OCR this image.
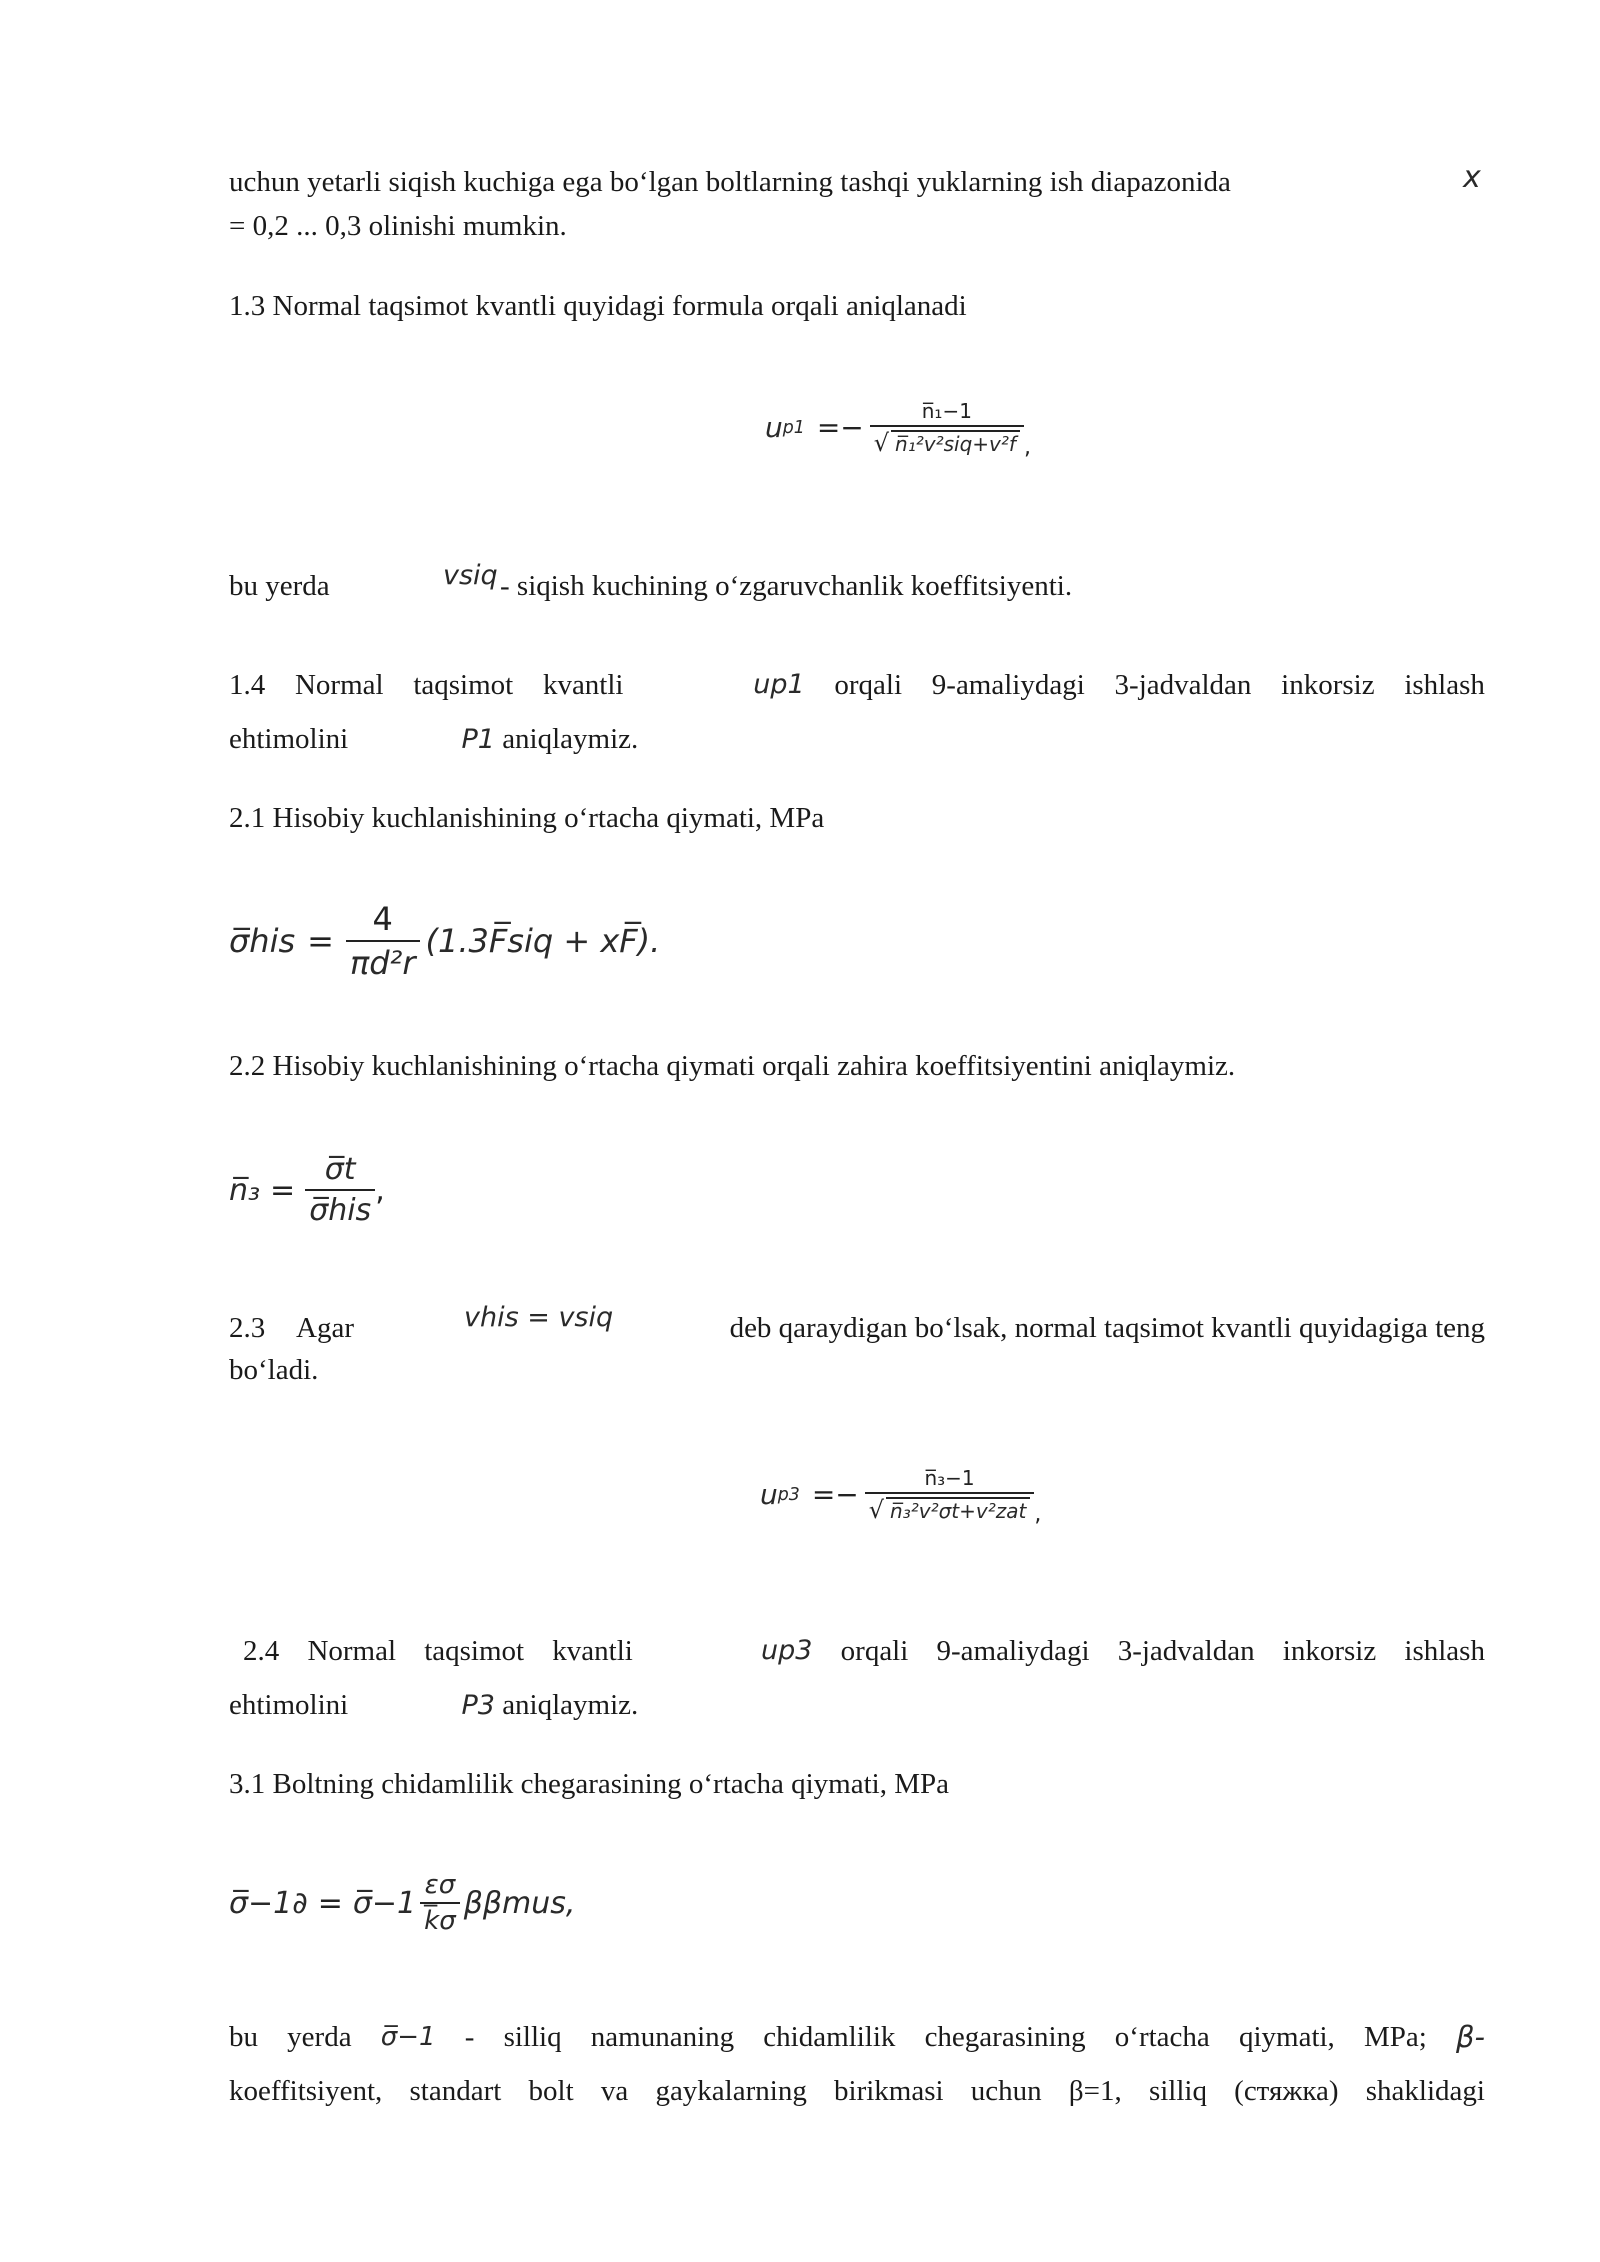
uchun yetarli siqish kuchiga ega bo‘lgan boltlarning tashqi yuklarning ish diapazonida	x
= 0,2 ... 0,3 olinishi mumkin.
1.3 Normal taqsimot kvantli quyidagi formula orqali aniqlanadi
u $p1 =- \frac{\text{n̅₁−1}}{\text{√ n̅₁²v²siq+v²f}}$ ,
bu yerda	vsiq - siqish kuchining o‘zgaruvchanlik koeffitsiyenti.
1.4 Normal taqsimot kvantli	up1 orqali 9-amaliydagi 3-jadvaldan inkorsiz ishlash
ehtimolini	P1 aniqlaymiz.
2.1 Hisobiy kuchlanishining o‘rtacha qiymati, MPa
σ̅his = $\frac{4}{\text{πd²r}}$ (1.3F̅siq + xF̅).
2.2 Hisobiy kuchlanishining o‘rtacha qiymati orqali zahira koeffitsiyentini aniqlaymiz.
n̅₃ = $\frac{\sigma̅t}{\text{σ̅his}}$ ,
2.3 Agar	vhis = vsiq	deb qaraydigan bo‘lsak, normal taqsimot kvantli quyidagiga teng
bo‘ladi.
u $p3 =- \frac{\text{n̅₃−1}}{\text{√ n̅₃²v²σt+v²zat}}$ ,
2.4 Normal taqsimot kvantli	up3 orqali 9-amaliydagi 3-jadvaldan inkorsiz ishlash
ehtimolini	P3 aniqlaymiz.
3.1 Boltning chidamlilik chegarasining o‘rtacha qiymati, MPa
σ̅−1∂ = σ̅−1 $\frac{\varepsilon\sigma}{k̅\sigma} \beta\beta mus$,
bu yerda σ̅−1 - silliq namunaning chidamlilik chegarasining o‘rtacha qiymati, MPa; β-
koeffitsiyent, standart bolt va gaykalarning birikmasi uchun β=1, silliq (стяжка) shaklidagi
